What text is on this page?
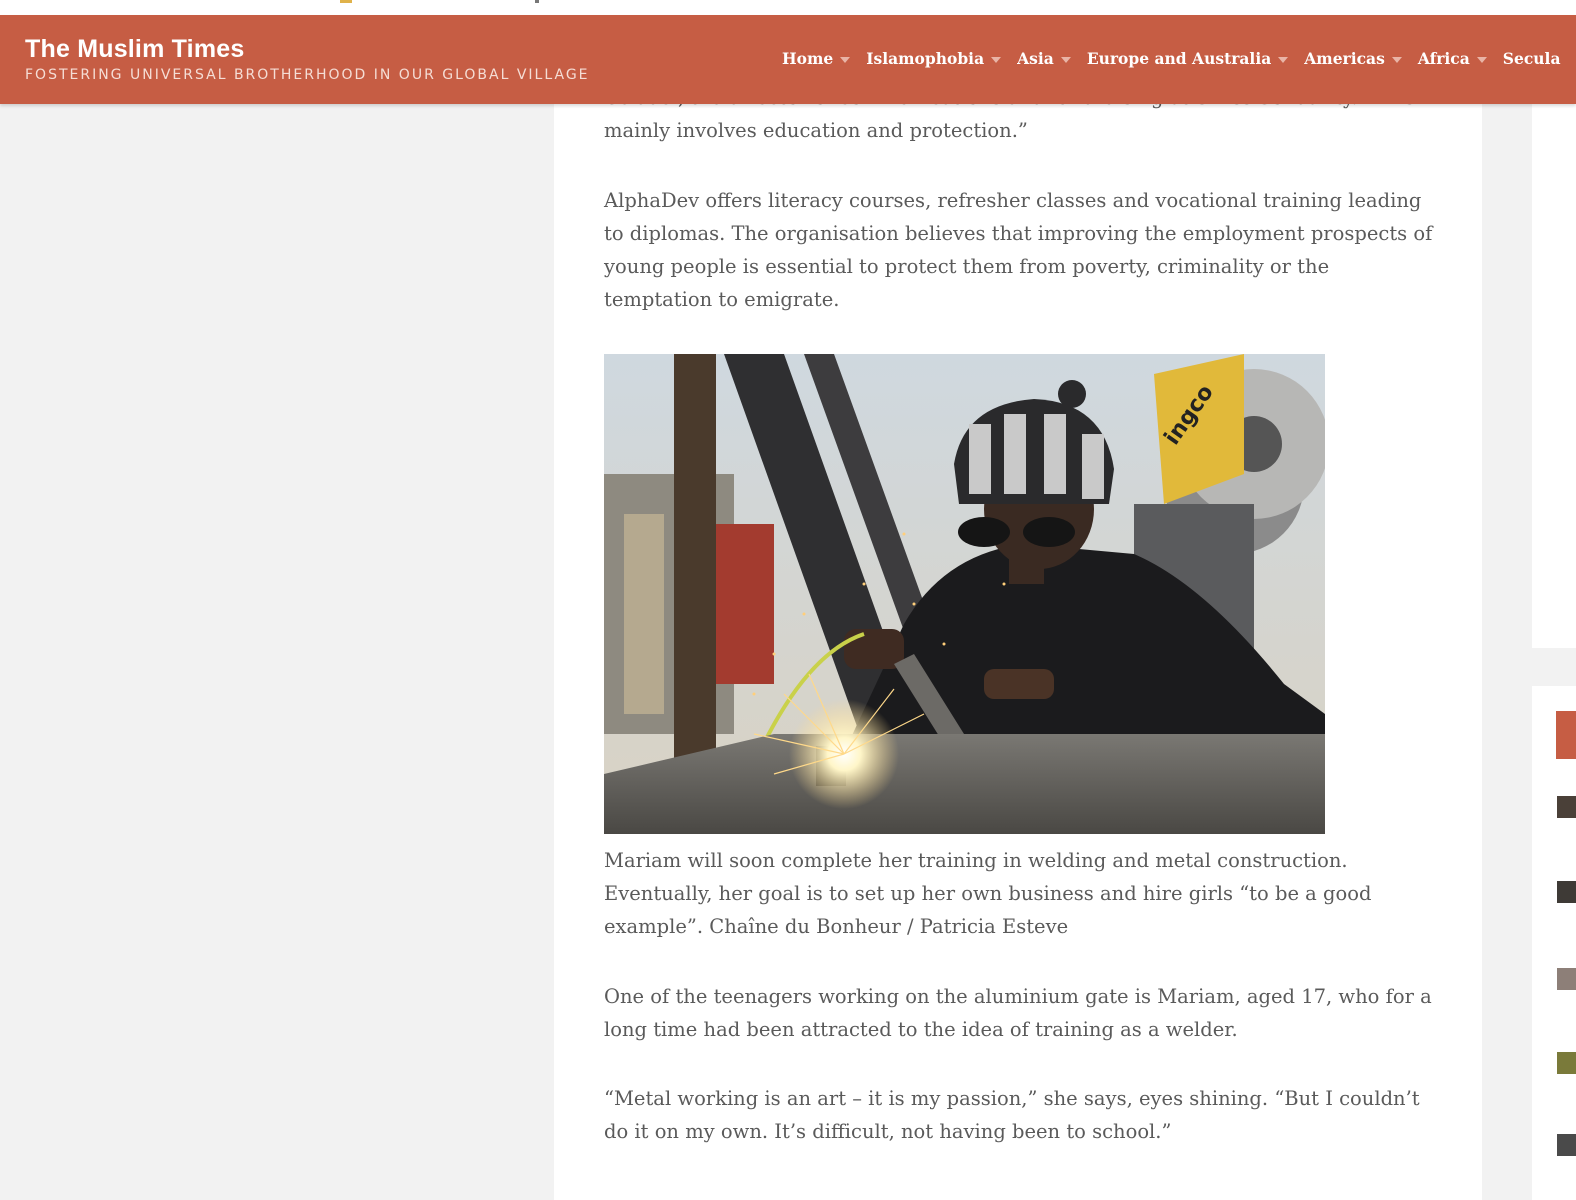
The Muslim Times
FOSTERING UNIVERSAL BROTHERHOOD IN OUR GLOBAL VILLAGE
Home Islamophobia Asia Europe and Australia Americas Africa Secula

mainly involves education and protection.”

AlphaDev offers literacy courses, refresher classes and vocational training leading to diplomas. The organisation believes that improving the employment prospects of young people is essential to protect them from poverty, criminality or the temptation to emigrate.

ingco

Mariam will soon complete her training in welding and metal construction. Eventually, her goal is to set up her own business and hire girls “to be a good example”. Chaîne du Bonheur / Patricia Esteve

One of the teenagers working on the aluminium gate is Mariam, aged 17, who for a long time had been attracted to the idea of training as a welder.

“Metal working is an art – it is my passion,” she says, eyes shining. “But I couldn’t do it on my own. It’s difficult, not having been to school.”
